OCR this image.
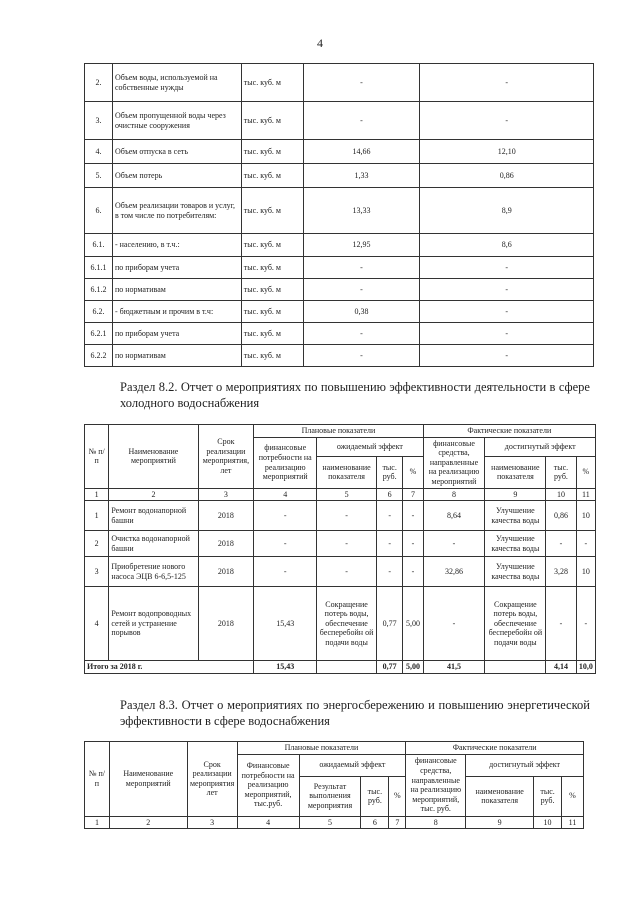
4
2.	Объем воды, используемой на собственные нужды	тыс. куб. м	-	-
3.	Объем пропущенной воды через очистные сооружения	тыс. куб. м	-	-
4.	Объем отпуска в сеть	тыс. куб. м	14,66	12,10
5.	Объем потерь	тыс. куб. м	1,33	0,86
6.	Объем реализации товаров и услуг, в том числе по потребителям:	тыс. куб. м	13,33	8,9
6.1.	- населению, в т.ч.:	тыс. куб. м	12,95	8,6
6.1.1	по приборам учета	тыс. куб. м	-	-
6.1.2	по нормативам	тыс. куб. м	-	-
6.2.	- бюджетным и прочим в т.ч:	тыс. куб. м	0,38	-
6.2.1	по приборам учета	тыс. куб. м	-	-
6.2.2	по нормативам	тыс. куб. м	-	-
Раздел 8.2. Отчет о мероприятиях по повышению эффективности деятельности в сфере холодного водоснабжения
№ п/п	Наименование мероприятий	Срок реализации мероприятия, лет	Плановые показатели				Фактические показатели			
			финансовые потребности на реализацию мероприятий	ожидаемый эффект			финансовые средства, направленные на реализацию мероприятий	достигнутый эффект		
				наименование показателя	тыс. руб.	%		наименование показателя	тыс. руб.	%
1	2	3	4	5	6	7	8	9	10	11
1	Ремонт водонапорной башни	2018	-	-	-	-	8,64	Улучшение качества воды	0,86	10
2	Очистка водонапорной башни	2018	-	-	-	-	-	Улучшение качества воды	-	-
3	Приобретение нового насоса ЭЦВ 6-6,5-125	2018	-	-	-	-	32,86	Улучшение качества воды	3,28	10
4	Ремонт водопроводных сетей и устранение порывов	2018	15,43	Сокращение потерь воды, обеспечение бесперебойн ой подачи воды	0,77	5,00	-	Сокращение потерь воды, обеспечение бесперебойн ой подачи воды	-	-
Итого за 2018 г.			15,43		0,77	5,00	41,5		4,14	10,0
Раздел 8.3. Отчет о мероприятиях по энергосбережению и повышению энергетической эффективности в сфере водоснабжения
№ п/п	Наименование мероприятий	Срок реализации мероприятия лет	Плановые показатели				Фактические показатели			
			Финансовые потребности на реализацию мероприятий, тыс.руб.	ожидаемый эффект			финансовые средства, направленные на реализацию мероприятий, тыс. руб.	достигнутый эффект		
				Результат выполнения мероприятия	тыс. руб.	%		наименование показателя	тыс. руб.	%
1	2	3	4	5	6	7	8	9	10	11
